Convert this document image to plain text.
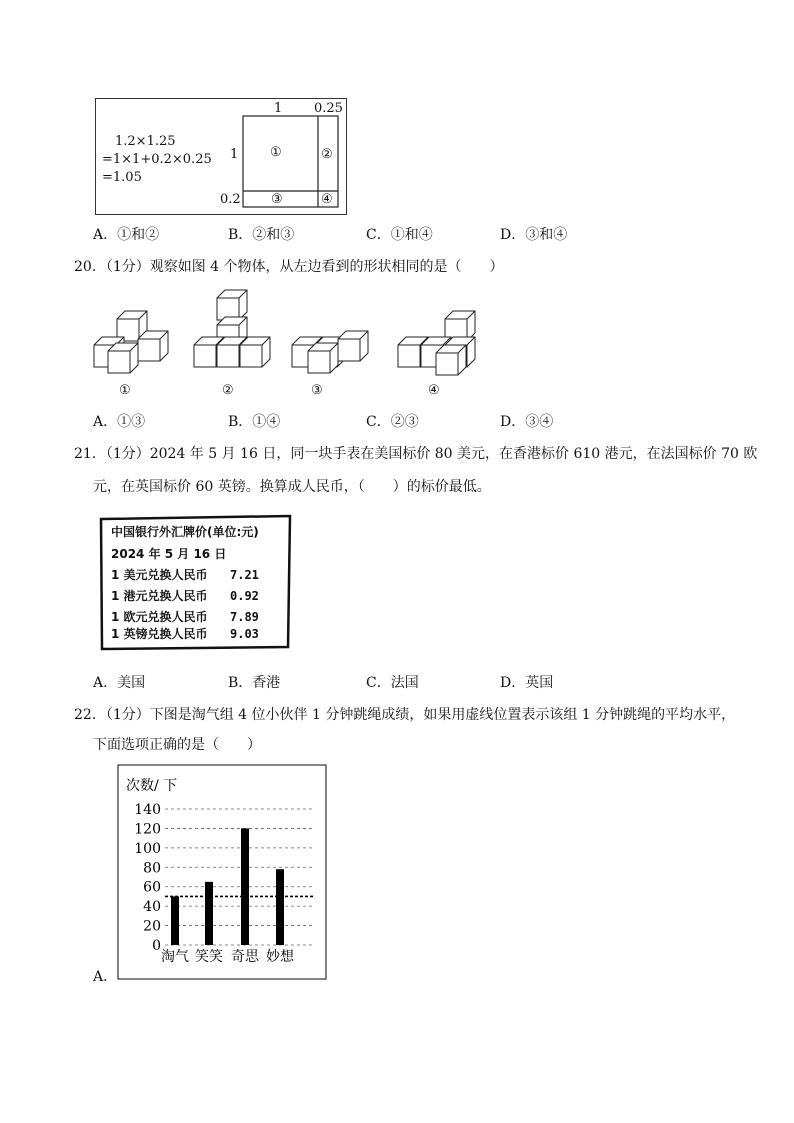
1.2×1.25
=1×1+0.2×0.25
=1.05
1 0.25
1
0.2
①	②
③	④
A．①和②	B．②和③	C．①和④	D．③和④
20．（1分）观察如图 4 个物体，从左边看到的形状相同的是（　　）
①	②	③	④
A．①③	B．①④	C．②③	D．③④
21．（1分）2024 年 5 月 16 日，同一块手表在美国标价 80 美元，在香港标价 610 港元，在法国标价 70 欧
元，在英国标价 60 英镑。换算成人民币，（　　）的标价最低。
中国银行外汇牌价(单位:元)
2024 年 5 月 16 日
1 美元兑换人民币 7.21
1 港元兑换人民币 0.92
1 欧元兑换人民币 7.89
1 英镑兑换人民币 9.03
A．美国	B．香港	C．法国	D．英国
22．（1分）下图是淘气组 4 位小伙伴 1 分钟跳绳成绩，如果用虚线位置表示该组 1 分钟跳绳的平均水平，
下面选项正确的是（　　）
A．
次数/ 下
140
120
100
80
60
40
20
0
淘气 笑笑 奇思 妙想
